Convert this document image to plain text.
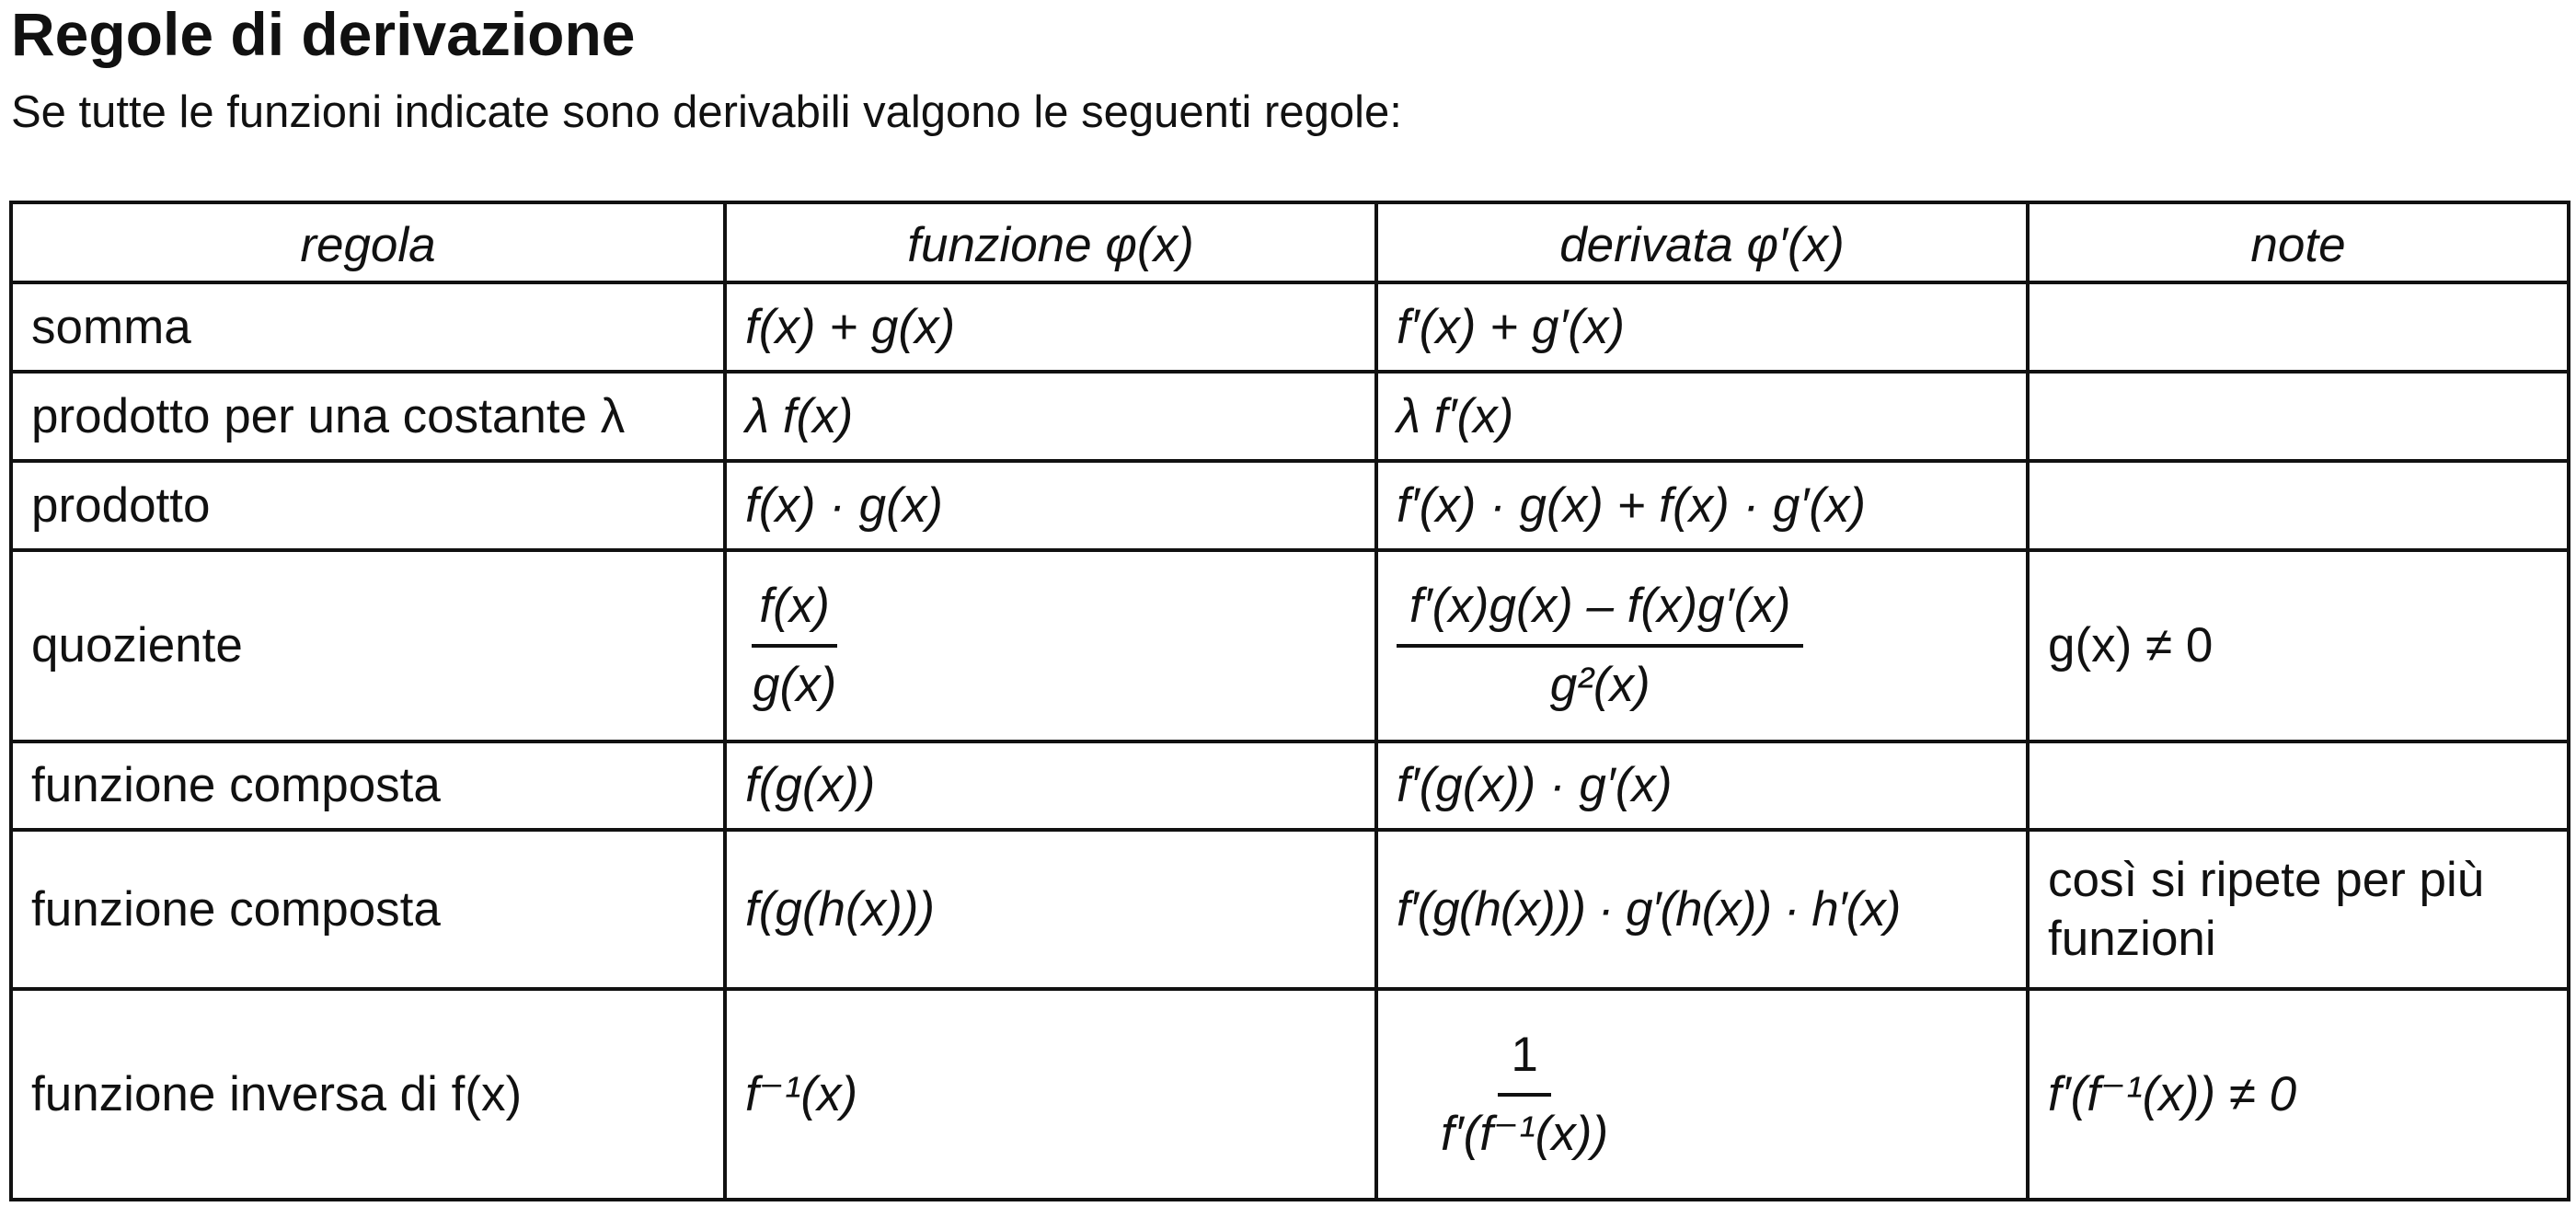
Regole di derivazione
Se tutte le funzioni indicate sono derivabili valgono le seguenti regole:
regola	funzione φ(x)	derivata φ′(x)	note
somma	f(x) + g(x)	f′(x) + g′(x)	
prodotto per una costante λ	λ f(x)	λ f′(x)	
prodotto	f(x) · g(x)	f′(x) · g(x) + f(x) · g′(x)	
quoziente	$\frac{f(x)}{g(x)}$	$\frac{f'(x)g(x) - f(x)g'(x)}{\text{g²(x)}}$	g(x) ≠ 0
funzione composta	f(g(x))	f′(g(x)) · g′(x)	
funzione composta	f(g(h(x)))	f′(g(h(x))) · g′(h(x)) · h′(x)	così si ripete per più funzioni
funzione inversa di f(x)	f⁻¹(x)	$\frac{1}{\text{f′(f⁻¹(x))}}$	f′(f⁻¹(x)) ≠ 0
